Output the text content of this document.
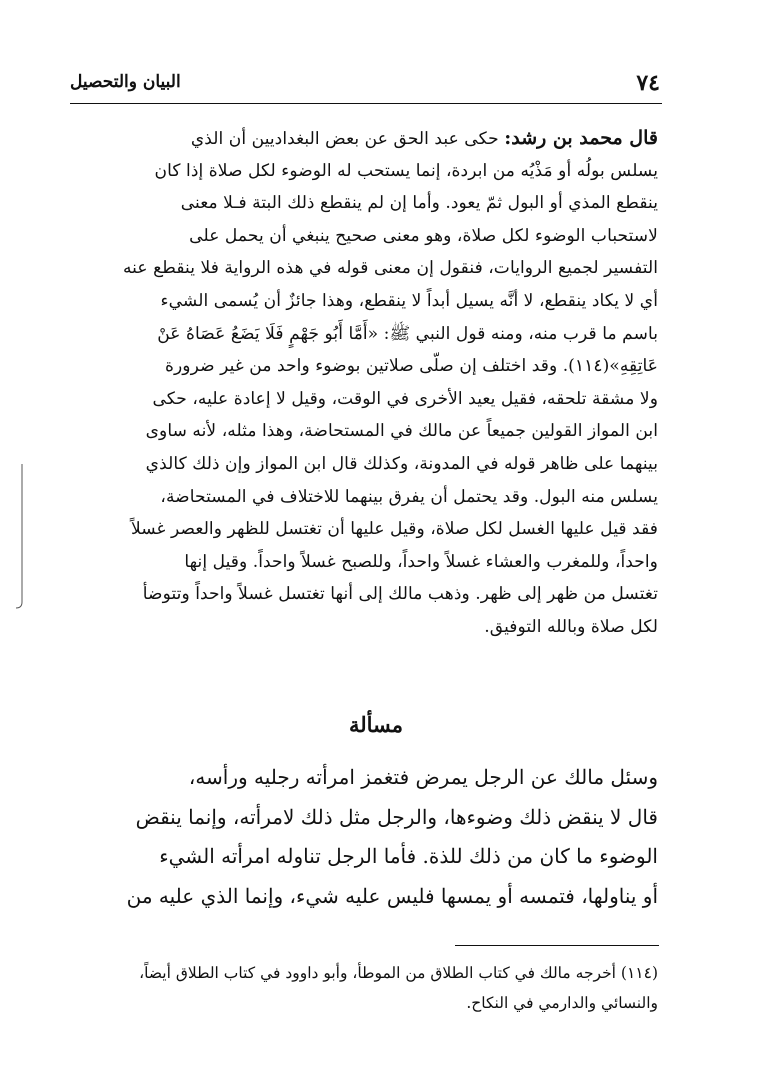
٧٤
البيان والتحصيل
قال محمد بن رشد: حكى عبد الحق عن بعض البغداديين أن الذي
يسلس بولُه أو مَذْيُه من ابردة، إنما يستحب له الوضوء لكل صلاة إذا كان
ينقطع المذي أو البول ثمّ يعود. وأما إن لم ينقطع ذلك البتة فـلا معنى
لاستحباب الوضوء لكل صلاة، وهو معنى صحيح ينبغي أن يحمل على
التفسير لجميع الروايات، فنقول إن معنى قوله في هذه الرواية فلا ينقطع عنه
أي لا يكاد ينقطع، لا أنَّه يسيل أبداً لا ينقطع، وهذا جائزٌ أن يُسمى الشيء
باسم ما قرب منه، ومنه قول النبي ﷺ: «أَمَّا أَبُو جَهْمٍ فَلَا يَضَعُ عَصَاهُ عَنْ
عَاتِقِهِ»(١١٤). وقد اختلف إن صلّى صلاتين بوضوء واحد من غير ضرورة
ولا مشقة تلحقه، فقيل يعيد الأخرى في الوقت، وقيل لا إعادة عليه، حكى
ابن المواز القولين جميعاً عن مالك في المستحاضة، وهذا مثله، لأنه ساوى
بينهما على ظاهر قوله في المدونة، وكذلك قال ابن المواز وإن ذلك كالذي
يسلس منه البول. وقد يحتمل أن يفرق بينهما للاختلاف في المستحاضة،
فقد قيل عليها الغسل لكل صلاة، وقيل عليها أن تغتسل للظهر والعصر غسلاً
واحداً، وللمغرب والعشاء غسلاً واحداً، وللصبح غسلاً واحداً. وقيل إنها
تغتسل من ظهر إلى ظهر. وذهب مالك إلى أنها تغتسل غسلاً واحداً وتتوضأ
لكل صلاة وبالله التوفيق.
مسألة
وسئل مالك عن الرجل يمرض فتغمز امرأته رجليه ورأسه،
قال لا ينقض ذلك وضوءها، والرجل مثل ذلك لامرأته، وإنما ينقض
الوضوء ما كان من ذلك للذة. فأما الرجل تناوله امرأته الشيء
أو يناولها، فتمسه أو يمسها فليس عليه شيء، وإنما الذي عليه من
(١١٤) أخرجه مالك في كتاب الطلاق من الموطأ، وأبو داوود في كتاب الطلاق أيضاً،
والنسائي والدارمي في النكاح.
